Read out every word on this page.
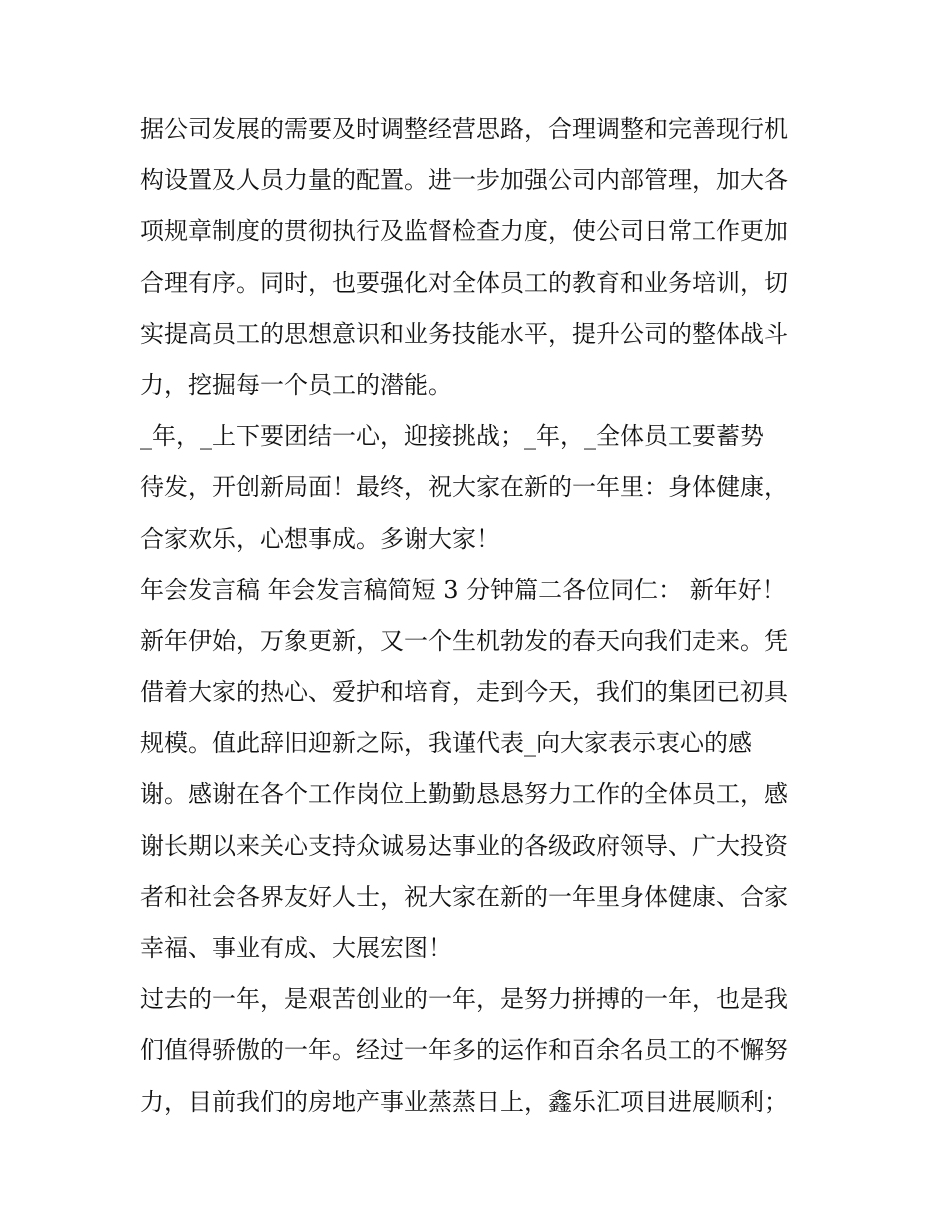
据公司发展的需要及时调整经营思路，合理调整和完善现行机
构设置及人员力量的配置。进一步加强公司内部管理，加大各
项规章制度的贯彻执行及监督检查力度，使公司日常工作更加
合理有序。同时，也要强化对全体员工的教育和业务培训，切
实提高员工的思想意识和业务技能水平，提升公司的整体战斗
力，挖掘每一个员工的潜能。
_年，_上下要团结一心，迎接挑战；_年，_全体员工要蓄势
待发，开创新局面！最终，祝大家在新的一年里：身体健康，
合家欢乐，心想事成。多谢大家！
年会发言稿 年会发言稿简短 3 分钟篇二各位同仁： 新年好！
新年伊始，万象更新，又一个生机勃发的春天向我们走来。凭
借着大家的热心、爱护和培育，走到今天，我们的集团已初具
规模。值此辞旧迎新之际，我谨代表_向大家表示衷心的感
谢。感谢在各个工作岗位上勤勤恳恳努力工作的全体员工，感
谢长期以来关心支持众诚易达事业的各级政府领导、广大投资
者和社会各界友好人士，祝大家在新的一年里身体健康、合家
幸福、事业有成、大展宏图！
过去的一年，是艰苦创业的一年，是努力拼搏的一年，也是我
们值得骄傲的一年。经过一年多的运作和百余名员工的不懈努
力，目前我们的房地产事业蒸蒸日上，鑫乐汇项目进展顺利；
